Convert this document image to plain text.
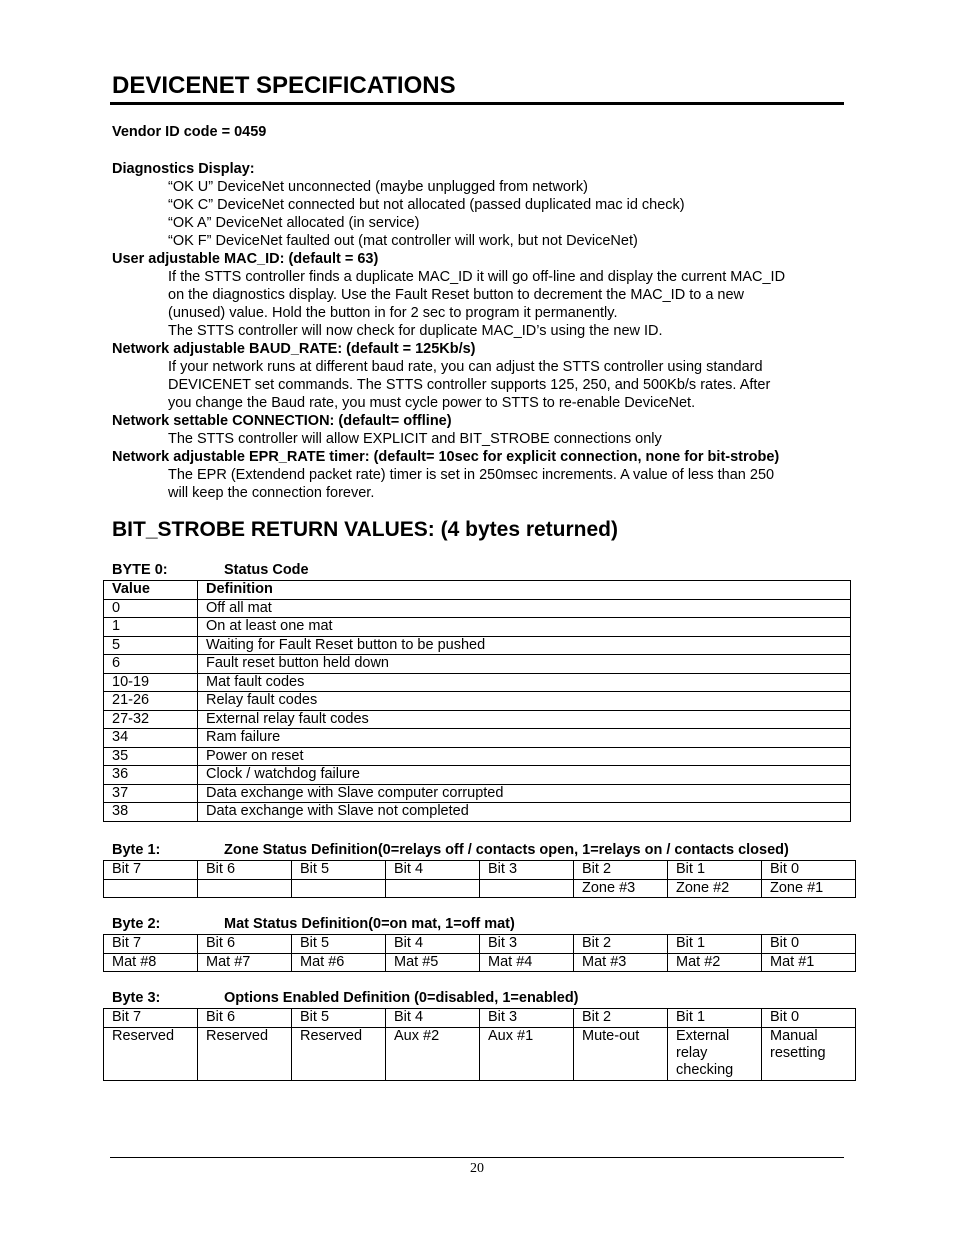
DEVICENET SPECIFICATIONS
Vendor ID code = 0459
Diagnostics Display:
“OK U” DeviceNet unconnected (maybe unplugged from network)
“OK C” DeviceNet connected but not allocated (passed duplicated mac id check)
“OK A” DeviceNet allocated (in service)
“OK F” DeviceNet faulted out (mat controller will work, but not DeviceNet)
User adjustable MAC_ID: (default = 63)
If the STTS controller finds a duplicate MAC_ID it will go off-line and display the current MAC_ID
on the diagnostics display. Use the Fault Reset button to decrement the MAC_ID to a new
(unused) value. Hold the button in for 2 sec to program it permanently.
The STTS controller will now check for duplicate MAC_ID’s using the new ID.
Network adjustable BAUD_RATE: (default = 125Kb/s)
If your network runs at different baud rate, you can adjust the STTS controller using standard
DEVICENET set commands. The STTS controller supports 125, 250, and 500Kb/s rates. After
you change the Baud rate, you must cycle power to STTS to re-enable DeviceNet.
Network settable CONNECTION: (default= offline)
The STTS controller will allow EXPLICIT and BIT_STROBE connections only
Network adjustable EPR_RATE timer: (default= 10sec for explicit connection, none for bit-strobe)
The EPR (Extendend packet rate) timer is set in 250msec increments. A value of less than 250
will keep the connection forever.
BIT_STROBE RETURN VALUES: (4 bytes returned)
BYTE 0:	Status Code
Value	Definition
0	Off all mat
1	On at least one mat
5	Waiting for Fault Reset button to be pushed
6	Fault reset button held down
10-19	Mat fault codes
21-26	Relay fault codes
27-32	External relay fault codes
34	Ram failure
35	Power on reset
36	Clock / watchdog failure
37	Data exchange with Slave computer corrupted
38	Data exchange with Slave not completed
Byte 1:	Zone Status Definition(0=relays off / contacts open, 1=relays on / contacts closed)
Bit 7	Bit 6	Bit 5	Bit 4	Bit 3	Bit 2	Bit 1	Bit 0
					Zone #3	Zone #2	Zone #1
Byte 2:	Mat Status Definition(0=on mat, 1=off mat)
Bit 7	Bit 6	Bit 5	Bit 4	Bit 3	Bit 2	Bit 1	Bit 0
Mat #8	Mat #7	Mat #6	Mat #5	Mat #4	Mat #3	Mat #2	Mat #1
Byte 3:	Options Enabled Definition (0=disabled, 1=enabled)
Bit 7	Bit 6	Bit 5	Bit 4	Bit 3	Bit 2	Bit 1	Bit 0
Reserved	Reserved	Reserved	Aux #2	Aux #1	Mute-out	External relay checking	Manual resetting
20
